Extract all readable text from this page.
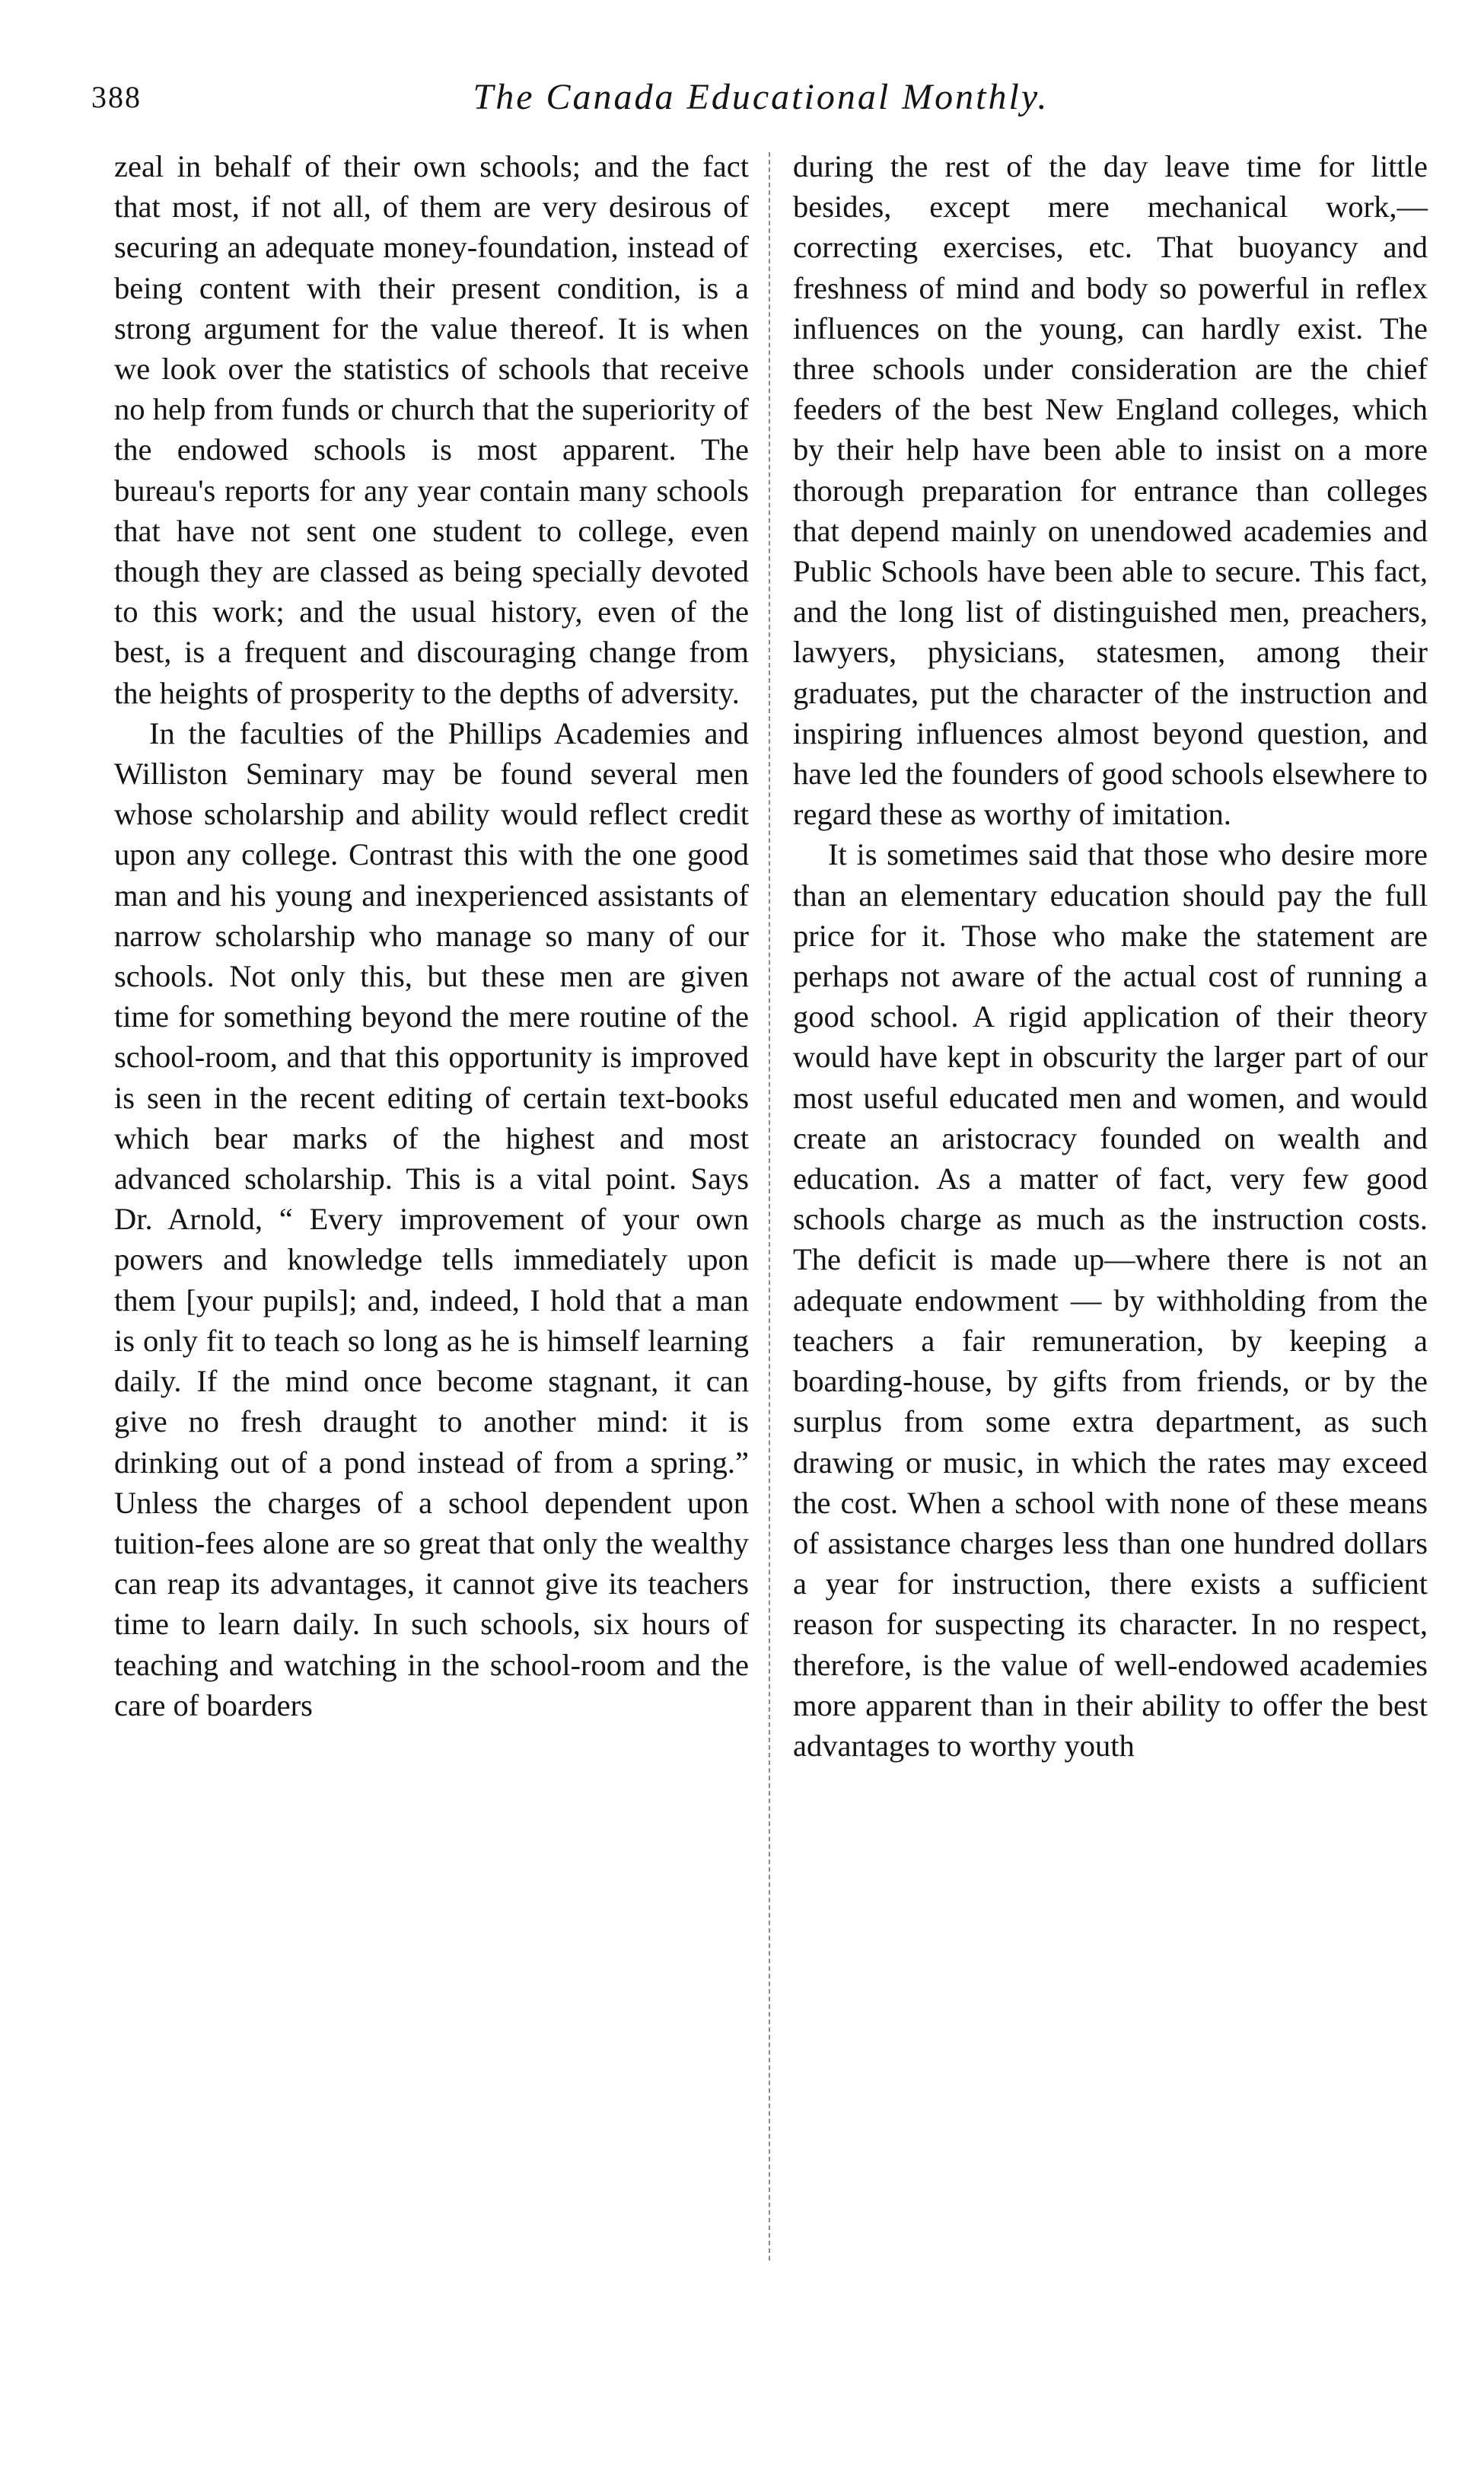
388	The Canada Educational Monthly.

zeal in behalf of their own schools; and the fact that most, if not all, of them are very desirous of securing an adequate money-foundation, instead of being content with their present condition, is a strong argument for the value thereof. It is when we look over the statistics of schools that receive no help from funds or church that the superiority of the endowed schools is most apparent. The bureau's reports for any year contain many schools that have not sent one student to college, even though they are classed as being specially devoted to this work; and the usual history, even of the best, is a frequent and discouraging change from the heights of prosperity to the depths of adversity.

In the faculties of the Phillips Academies and Williston Seminary may be found several men whose scholarship and ability would reflect credit upon any college. Contrast this with the one good man and his young and inexperienced assistants of narrow scholarship who manage so many of our schools. Not only this, but these men are given time for something beyond the mere routine of the school-room, and that this opportunity is improved is seen in the recent editing of certain text-books which bear marks of the highest and most advanced scholarship. This is a vital point. Says Dr. Arnold, “ Every improvement of your own powers and knowledge tells immediately upon them [your pupils]; and, indeed, I hold that a man is only fit to teach so long as he is himself learning daily. If the mind once become stagnant, it can give no fresh draught to another mind: it is drinking out of a pond instead of from a spring.” Unless the charges of a school dependent upon tuition-fees alone are so great that only the wealthy can reap its advantages, it cannot give its teachers time to learn daily. In such schools, six hours of teaching and watching in the school-room and the care of boarders

during the rest of the day leave time for little besides, except mere mechanical work,—correcting exercises, etc. That buoyancy and freshness of mind and body so powerful in reflex influences on the young, can hardly exist. The three schools under consideration are the chief feeders of the best New England colleges, which by their help have been able to insist on a more thorough preparation for entrance than colleges that depend mainly on unendowed academies and Public Schools have been able to secure. This fact, and the long list of distinguished men, preachers, lawyers, physicians, statesmen, among their graduates, put the character of the instruction and inspiring influences almost beyond question, and have led the founders of good schools elsewhere to regard these as worthy of imitation.

It is sometimes said that those who desire more than an elementary education should pay the full price for it. Those who make the statement are perhaps not aware of the actual cost of running a good school. A rigid application of their theory would have kept in obscurity the larger part of our most useful educated men and women, and would create an aristocracy founded on wealth and education. As a matter of fact, very few good schools charge as much as the instruction costs. The deficit is made up—where there is not an adequate endowment — by withholding from the teachers a fair remuneration, by keeping a boarding-house, by gifts from friends, or by the surplus from some extra department, as such drawing or music, in which the rates may exceed the cost. When a school with none of these means of assistance charges less than one hundred dollars a year for instruction, there exists a sufficient reason for suspecting its character. In no respect, therefore, is the value of well-endowed academies more apparent than in their ability to offer the best advantages to worthy youth
